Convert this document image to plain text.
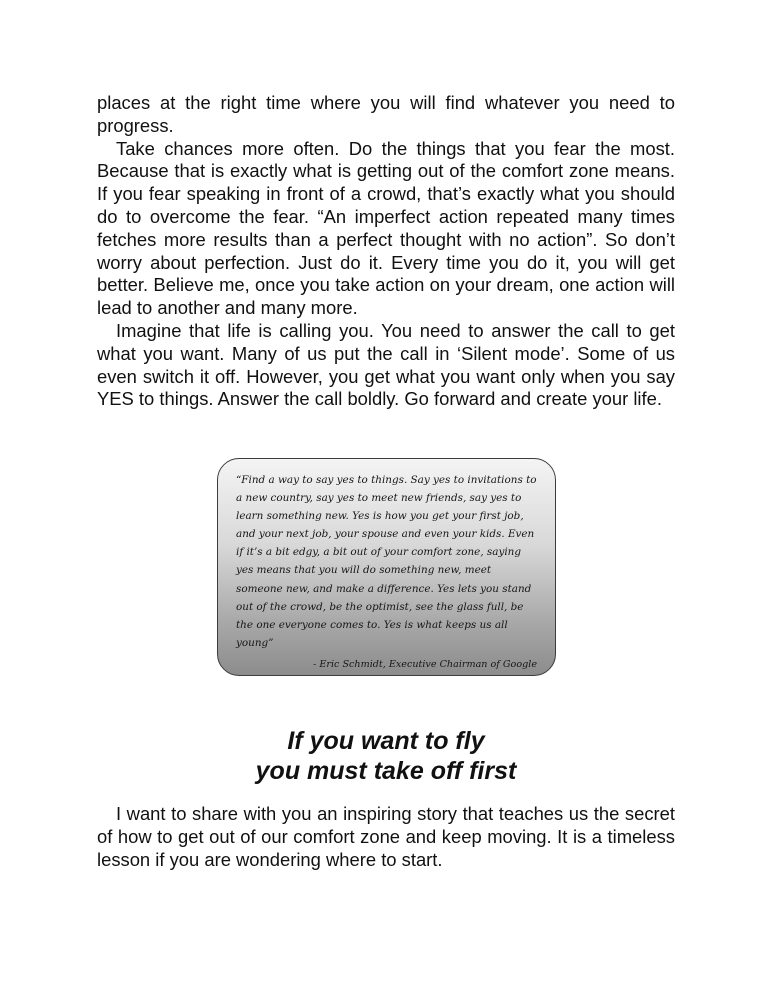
places at the right time where you will find whatever you need to progress.

Take chances more often. Do the things that you fear the most. Because that is exactly what is getting out of the comfort zone means. If you fear speaking in front of a crowd, that’s exactly what you should do to overcome the fear. “An imperfect action repeated many times fetches more results than a perfect thought with no action”. So don’t worry about perfection. Just do it. Every time you do it, you will get better. Believe me, once you take action on your dream, one action will lead to another and many more.

Imagine that life is calling you. You need to answer the call to get what you want. Many of us put the call in ‘Silent mode’. Some of us even switch it off. However, you get what you want only when you say YES to things. Answer the call boldly. Go forward and create your life.

“Find a way to say yes to things. Say yes to invitations to a new country, say yes to meet new friends, say yes to learn something new. Yes is how you get your first job, and your next job, your spouse and even your kids. Even if it’s a bit edgy, a bit out of your comfort zone, saying yes means that you will do something new, meet someone new, and make a difference. Yes lets you stand out of the crowd, be the optimist, see the glass full, be the one everyone comes to. Yes is what keeps us all young”

- Eric Schmidt, Executive Chairman of Google

If you want to fly
you must take off first

I want to share with you an inspiring story that teaches us the secret of how to get out of our comfort zone and keep moving. It is a timeless lesson if you are wondering where to start.
